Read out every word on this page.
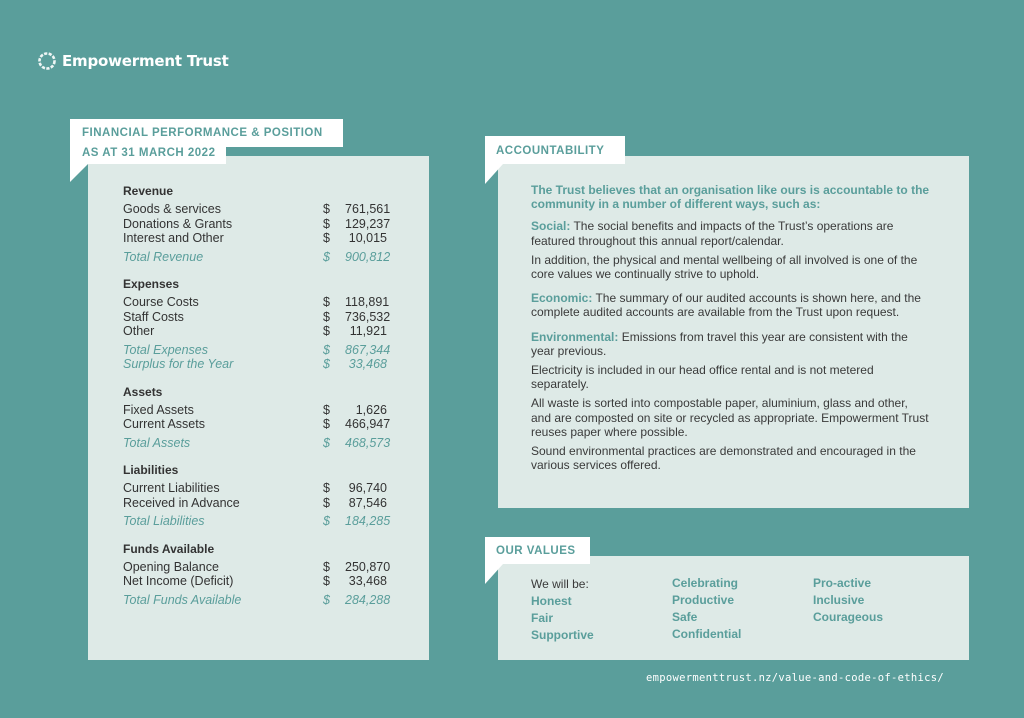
Empowerment Trust
FINANCIAL PERFORMANCE & POSITION
AS AT 31 MARCH 2022
Revenue
Goods & services	$	761,561
Donations & Grants	$	129,237
Interest and Other	$	10,015
Total Revenue	$	900,812
Expenses
Course Costs	$	118,891
Staff Costs	$	736,532
Other	$	11,921
Total Expenses	$	867,344
Surplus for the Year	$	33,468
Assets
Fixed Assets	$	1,626
Current Assets	$	466,947
Total Assets	$	468,573
Liabilities
Current Liabilities	$	96,740
Received in Advance	$	87,546
Total Liabilities	$	184,285
Funds Available
Opening Balance	$	250,870
Net Income (Deficit)	$	33,468
Total Funds Available	$	284,288
ACCOUNTABILITY

The Trust believes that an organisation like ours is accountable to the community in a number of different ways, such as:

Social: The social benefits and impacts of the Trust’s operations are featured throughout this annual report/calendar.

In addition, the physical and mental wellbeing of all involved is one of the core values we continually strive to uphold.

Economic: The summary of our audited accounts is shown here, and the complete audited accounts are available from the Trust upon request.

Environmental: Emissions from travel this year are consistent with the year previous.

Electricity is included in our head office rental and is not metered separately.

All waste is sorted into compostable paper, aluminium, glass and other, and are composted on site or recycled as appropriate. Empowerment Trust reuses paper where possible.

Sound environmental practices are demonstrated and encouraged in the various services offered.

OUR VALUES
We will be:
Honest
Fair
Supportive
Celebrating
Productive
Safe
Confidential
Pro-active
Inclusive
Courageous
empowermenttrust.nz/value-and-code-of-ethics/
